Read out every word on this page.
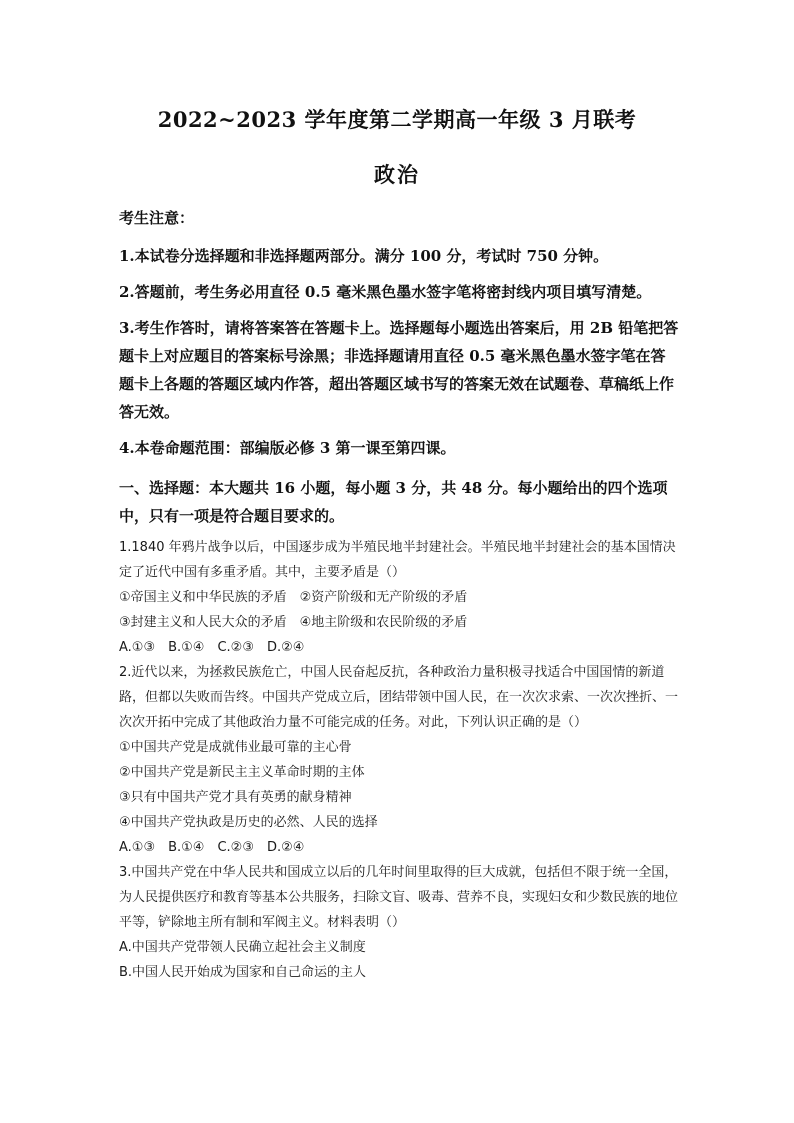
2022~2023 学年度第二学期高一年级 3 月联考
政治

考生注意：

1.本试卷分选择题和非选择题两部分。满分 100 分，考试时 750 分钟。

2.答题前，考生务必用直径 0.5 毫米黑色墨水签字笔将密封线内项目填写清楚。

3.考生作答时，请将答案答在答题卡上。选择题每小题选出答案后，用 2B 铅笔把答题卡上对应题目的答案标号涂黑；非选择题请用直径 0.5 毫米黑色墨水签字笔在答题卡上各题的答题区域内作答，超出答题区域书写的答案无效在试题卷、草稿纸上作答无效。

4.本卷命题范围：部编版必修 3 第一课至第四课。

一、选择题：本大题共 16 小题，每小题 3 分，共 48 分。每小题给出的四个选项中，只有一项是符合题目要求的。

1.1840 年鸦片战争以后，中国逐步成为半殖民地半封建社会。半殖民地半封建社会的基本国情决定了近代中国有多重矛盾。其中，主要矛盾是（）

①帝国主义和中华民族的矛盾　②资产阶级和无产阶级的矛盾

③封建主义和人民大众的矛盾　④地主阶级和农民阶级的矛盾

A.①③　B.①④　C.②③　D.②④

2.近代以来，为拯救民族危亡，中国人民奋起反抗，各种政治力量积极寻找适合中国国情的新道路，但都以失败而告终。中国共产党成立后，团结带领中国人民，在一次次求索、一次次挫折、一次次开拓中完成了其他政治力量不可能完成的任务。对此，下列认识正确的是（）

①中国共产党是成就伟业最可靠的主心骨

②中国共产党是新民主主义革命时期的主体

③只有中国共产党才具有英勇的献身精神

④中国共产党执政是历史的必然、人民的选择

A.①③　B.①④　C.②③　D.②④

3.中国共产党在中华人民共和国成立以后的几年时间里取得的巨大成就，包括但不限于统一全国，为人民提供医疗和教育等基本公共服务，扫除文盲、吸毒、营养不良，实现妇女和少数民族的地位平等，铲除地主所有制和军阀主义。材料表明（）

A.中国共产党带领人民确立起社会主义制度

B.中国人民开始成为国家和自己命运的主人
